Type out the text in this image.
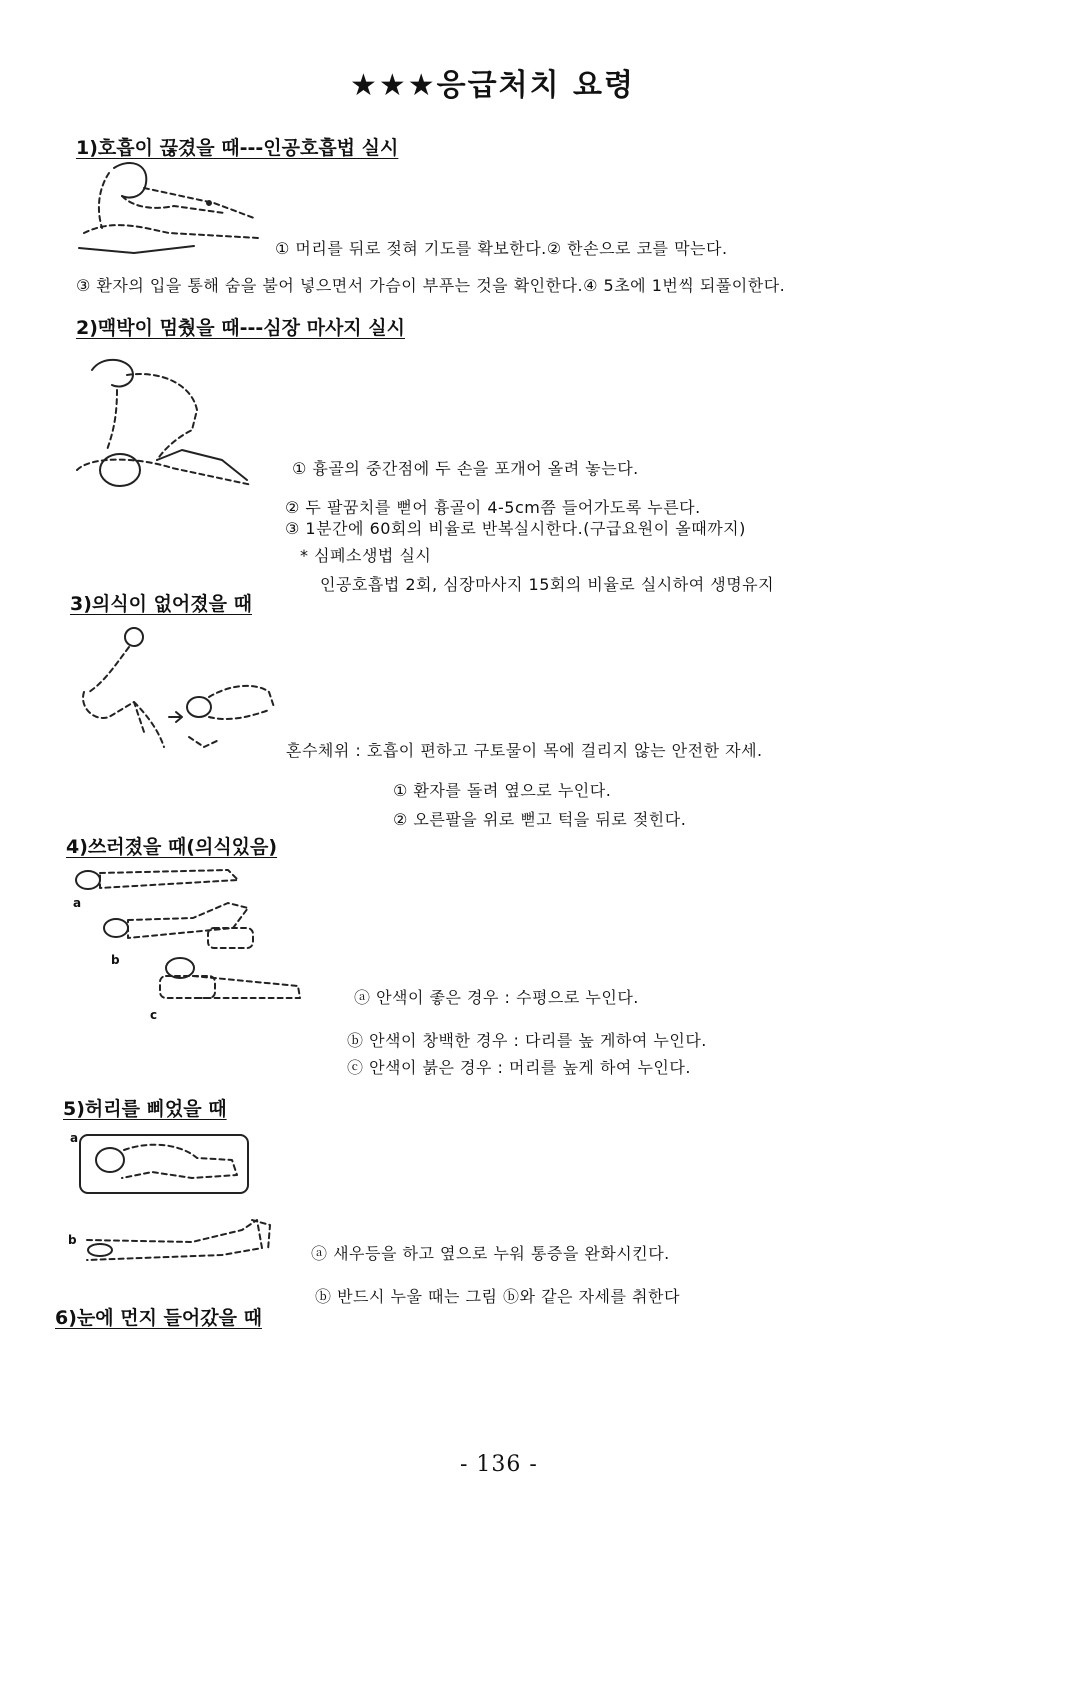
★★★응급처치 요령
1)호흡이 끊겼을 때---인공호흡법 실시
① 머리를 뒤로 젖혀 기도를 확보한다.② 한손으로 코를 막는다.
③ 환자의 입을 통해 숨을 불어 넣으면서 가슴이 부푸는 것을 확인한다.④ 5초에 1번씩 되풀이한다.
2)맥박이 멈췄을 때---심장 마사지 실시
① 흉골의 중간점에 두 손을 포개어 올려 놓는다.
② 두 팔꿈치를 뻗어 흉골이 4-5cm쯤 들어가도록 누른다.
③ 1분간에 60회의 비율로 반복실시한다.(구급요원이 올때까지)
* 심폐소생법 실시
인공호흡법 2회, 심장마사지 15회의 비율로 실시하여 생명유지
3)의식이 없어졌을 때
혼수체위 : 호흡이 편하고 구토물이 목에 걸리지 않는 안전한 자세.
① 환자를 돌려 옆으로 누인다.
② 오른팔을 위로 뻗고 턱을 뒤로 젖힌다.
4)쓰러졌을 때(의식있음)
a
b
c
ⓐ 안색이 좋은 경우 : 수평으로 누인다.
ⓑ 안색이 창백한 경우 : 다리를 높 게하여 누인다.
ⓒ 안색이 붉은 경우 : 머리를 높게 하여 누인다.
5)허리를 삐었을 때
a
b
ⓐ 새우등을 하고 옆으로 누워 통증을 완화시킨다.
ⓑ 반드시 누울 때는 그림 ⓑ와 같은 자세를 취한다
6)눈에 먼지 들어갔을 때
- 136 -
